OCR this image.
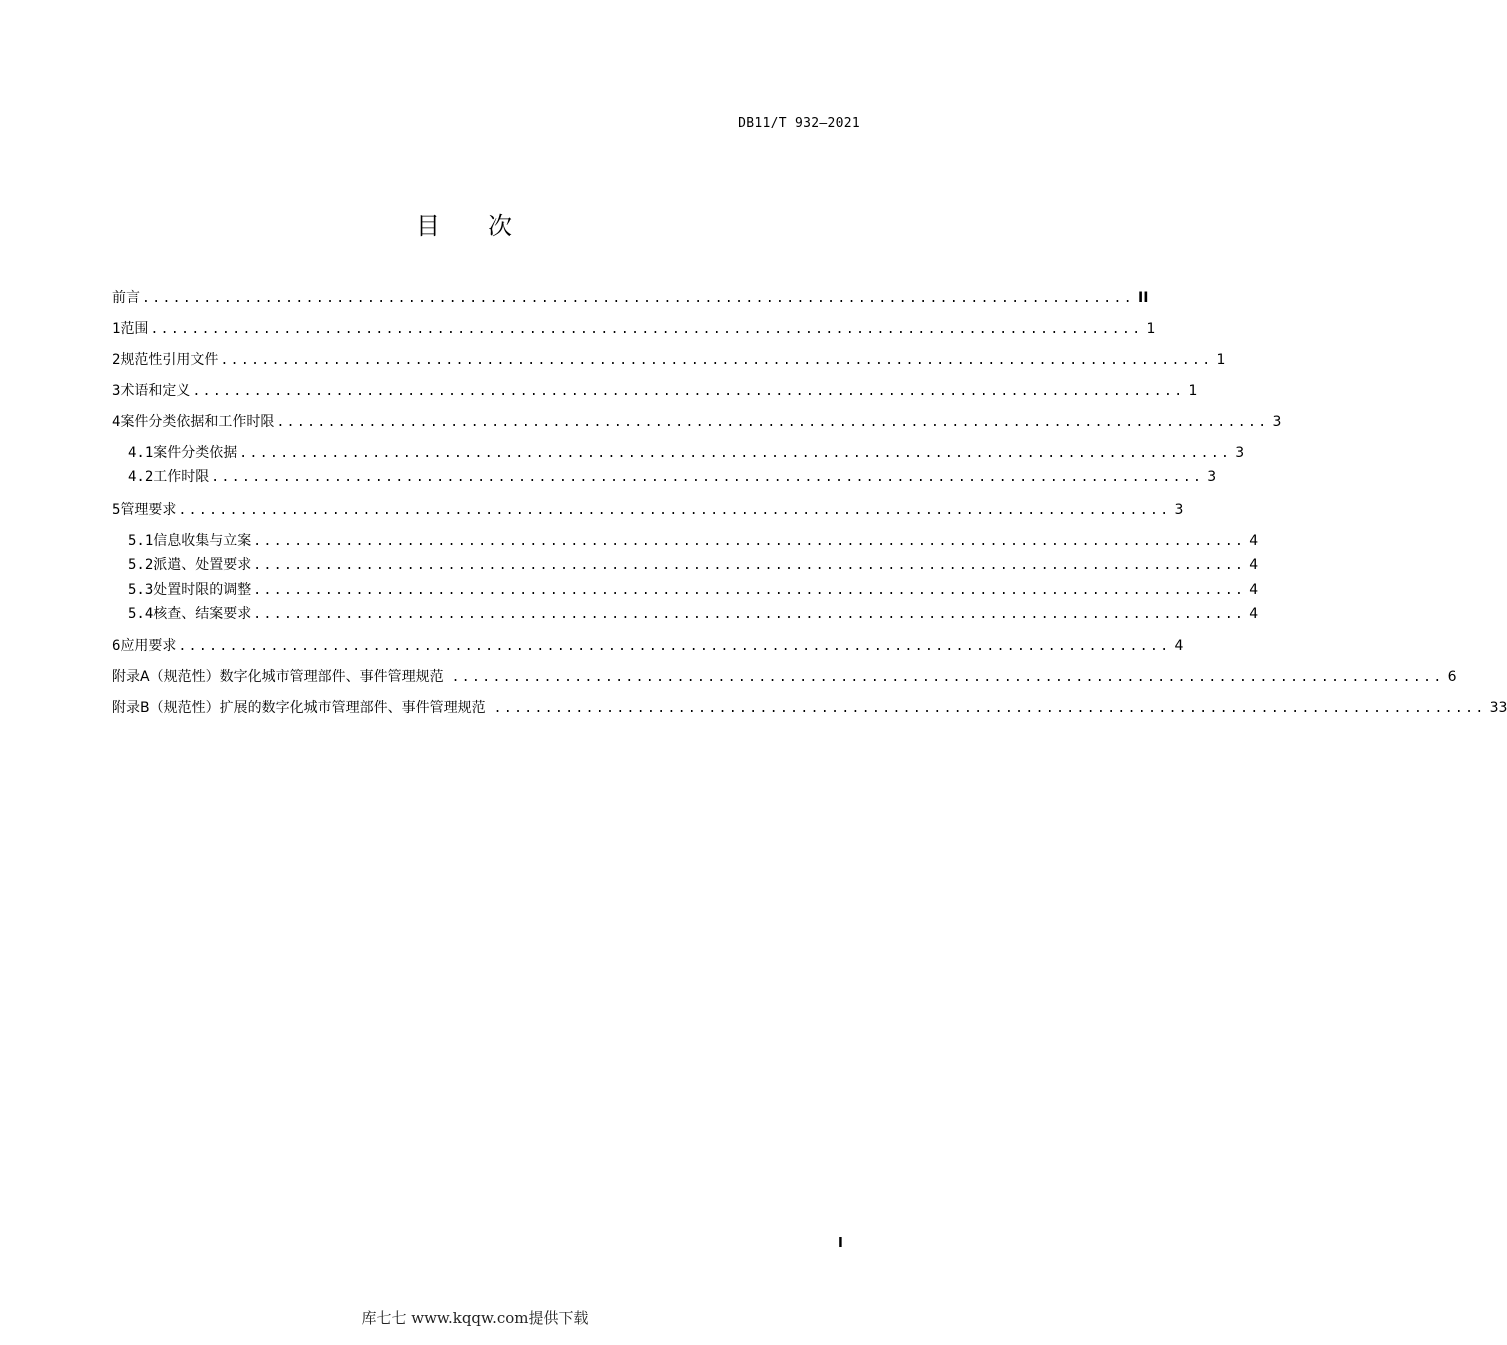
DB11/T 932—2021
目次
前言 ................................................................................................. II
1 范围 ................................................................................................. 1
2 规范性引用文件 ................................................................................................. 1
3 术语和定义 ................................................................................................. 1
4 案件分类依据和工作时限 ................................................................................................. 3
4.1 案件分类依据 ................................................................................................. 3
4.2 工作时限 ................................................................................................. 3
5 管理要求 ................................................................................................. 3
5.1 信息收集与立案 ................................................................................................. 4
5.2 派遣、处置要求 ................................................................................................. 4
5.3 处置时限的调整 ................................................................................................. 4
5.4 核查、结案要求 ................................................................................................. 4
6 应用要求 ................................................................................................. 4
附录A（规范性） 数字化城市管理部件、事件管理规范 ................................................................................................. 6
附录B（规范性） 扩展的数字化城市管理部件、事件管理规范 ................................................................................................. 33
I
库七七 www.kqqw.com提供下载
